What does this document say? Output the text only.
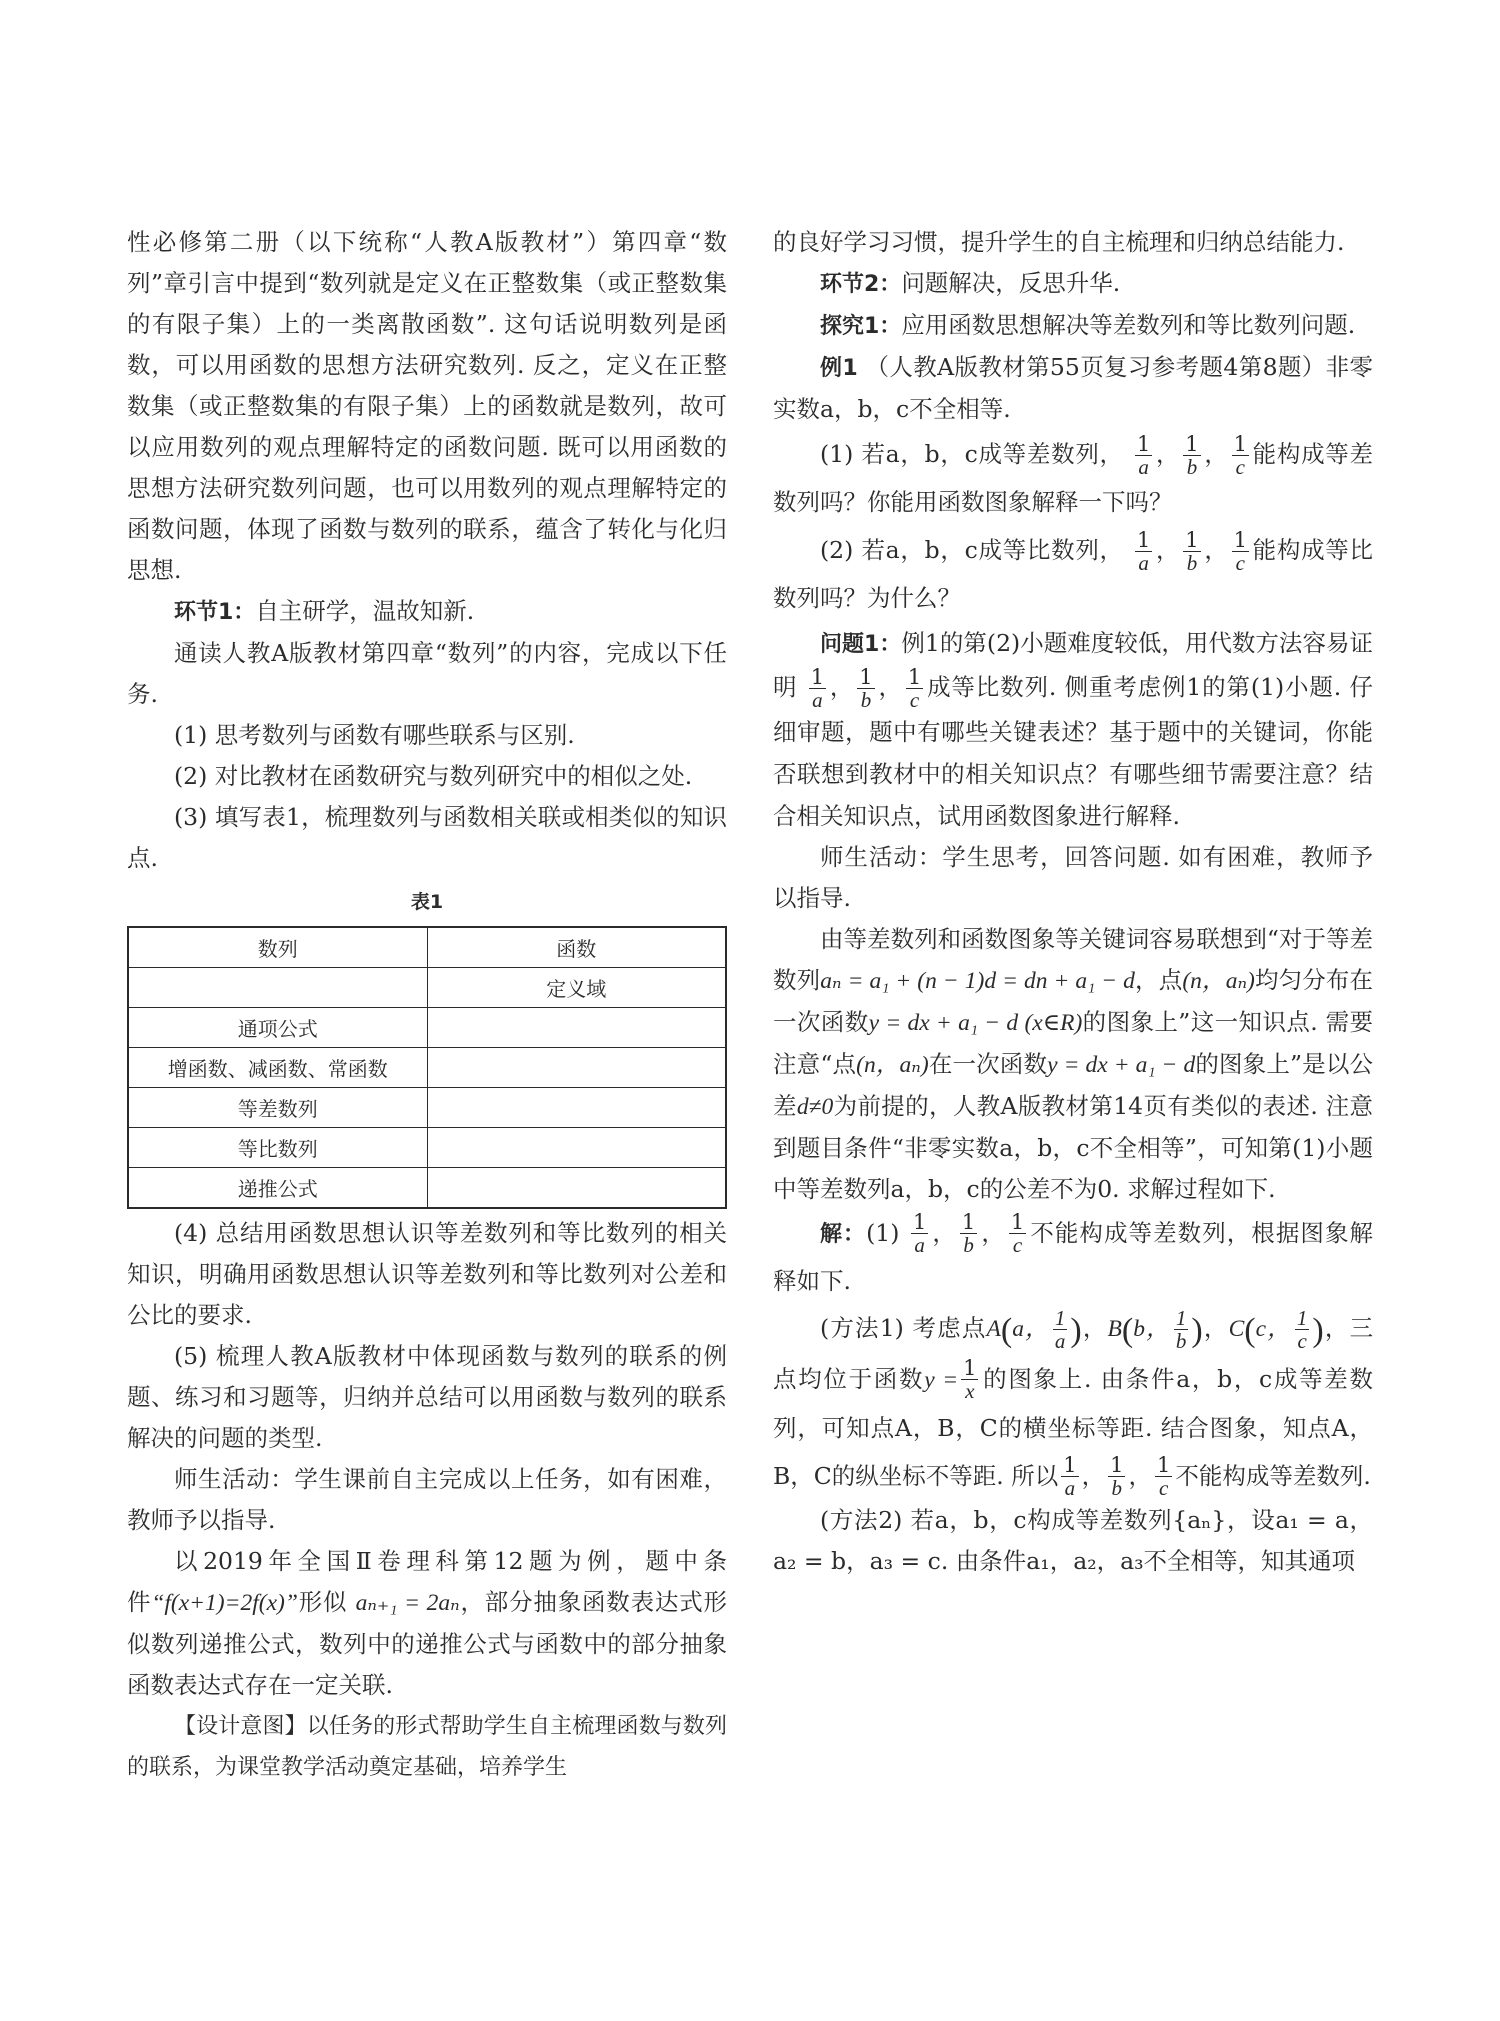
性必修第二册（以下统称“人教A版教材”）第四章“数列”章引言中提到“数列就是定义在正整数集（或正整数集的有限子集）上的一类离散函数”. 这句话说明数列是函数，可以用函数的思想方法研究数列. 反之，定义在正整数集（或正整数集的有限子集）上的函数就是数列，故可以应用数列的观点理解特定的函数问题. 既可以用函数的思想方法研究数列问题，也可以用数列的观点理解特定的函数问题，体现了函数与数列的联系，蕴含了转化与化归思想.

环节1：自主研学，温故知新.

通读人教A版教材第四章“数列”的内容，完成以下任务.

(1) 思考数列与函数有哪些联系与区别.

(2) 对比教材在函数研究与数列研究中的相似之处.

(3) 填写表1，梳理数列与函数相关联或相类似的知识点.

表1
数列	函数
	定义域
通项公式	
增函数、减函数、常函数	
等差数列	
等比数列	
递推公式	

(4) 总结用函数思想认识等差数列和等比数列的相关知识，明确用函数思想认识等差数列和等比数列对公差和公比的要求.

(5) 梳理人教A版教材中体现函数与数列的联系的例题、练习和习题等，归纳并总结可以用函数与数列的联系解决的问题的类型.

师生活动：学生课前自主完成以上任务，如有困难，教师予以指导.

以2019年全国Ⅱ卷理科第12题为例，题中条件“f(x+1)=2f(x)”形似 aₙ₊₁ = 2aₙ，部分抽象函数表达式形似数列递推公式，数列中的递推公式与函数中的部分抽象函数表达式存在一定关联.

【设计意图】以任务的形式帮助学生自主梳理函数与数列的联系，为课堂教学活动奠定基础，培养学生

的良好学习习惯，提升学生的自主梳理和归纳总结能力.

环节2：问题解决，反思升华.

探究1：应用函数思想解决等差数列和等比数列问题.

例1 （人教A版教材第55页复习参考题4第8题）非零实数a，b，c不全相等.

(1) 若a，b，c成等差数列， $\frac{1}{a}$ ， $\frac{1}{b}$ ， $\frac{1}{c}$ 能构成等差数列吗？你能用函数图象解释一下吗？

(2) 若a，b，c成等比数列， $\frac{1}{a}$ ， $\frac{1}{b}$ ， $\frac{1}{c}$ 能构成等比数列吗？为什么？

问题1：例1的第(2)小题难度较低，用代数方法容易证明 $\frac{1}{a}$ ， $\frac{1}{b}$ ， $\frac{1}{c}$ 成等比数列. 侧重考虑例1的第(1)小题. 仔细审题，题中有哪些关键表述？基于题中的关键词，你能否联想到教材中的相关知识点？有哪些细节需要注意？结合相关知识点，试用函数图象进行解释.

师生活动：学生思考，回答问题. 如有困难，教师予以指导.

由等差数列和函数图象等关键词容易联想到“对于等差数列aₙ = a₁ + (n − 1)d = dn + a₁ − d，点(n，aₙ)均匀分布在一次函数y = dx + a₁ − d (x∈R)的图象上”这一知识点. 需要注意“点(n，aₙ)在一次函数y = dx + a₁ − d的图象上”是以公差d≠0为前提的，人教A版教材第14页有类似的表述. 注意到题目条件“非零实数a，b，c不全相等”，可知第(1)小题中等差数列a，b，c的公差不为0. 求解过程如下.

解：$(1) \frac{1}{a}$ ， $\frac{1}{b}$ ， $\frac{1}{c}$ 不能构成等差数列，根据图象解释如下.

(方法1) 考虑点A(a， $\frac{1}{a}$ )，B(b， $\frac{1}{b}$ )，C(c， $\frac{1}{c}$ )，三点均位于函数$y = \frac{1}{x}$ 的图象上. 由条件a，b，c成等差数列，可知点A，B，C的横坐标等距. 结合图象，知点A，B，C的纵坐标不等距. 所以 $\frac{1}{a}$ ， $\frac{1}{b}$ ， $\frac{1}{c}$ 不能构成等差数列.

(方法2) 若a，b，c构成等差数列{aₙ}，设a₁ = a，a₂ = b，a₃ = c. 由条件a₁，a₂，a₃不全相等，知其通项
